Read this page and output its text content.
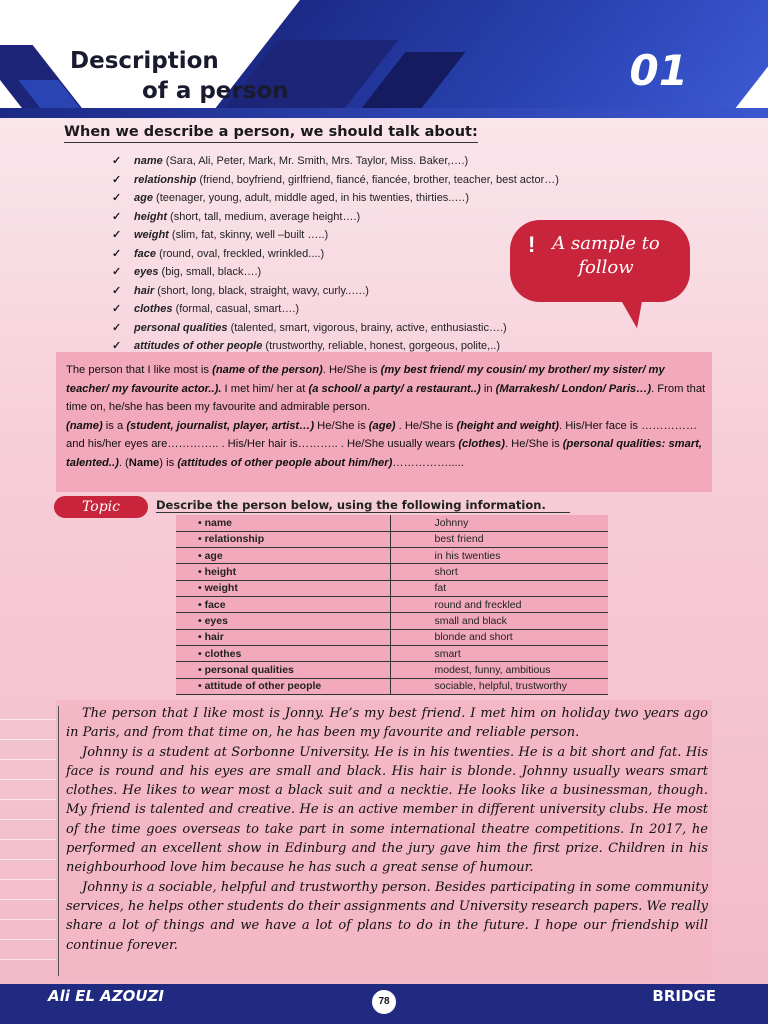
Description
of a person	01
When we describe a person, we should talk about:
✓ name (Sara, Ali, Peter, Mark, Mr. Smith, Mrs. Taylor, Miss. Baker,….)
✓ relationship (friend, boyfriend, girlfriend, fiancé, fiancée, brother, teacher, best actor…)
✓ age (teenager, young, adult, middle aged, in his twenties, thirties..…)
✓ height (short, tall, medium, average height….)
✓ weight (slim, fat, skinny, well –built …..)
✓ face (round, oval, freckled, wrinkled....)
✓ eyes (big, small, black….)
✓ hair (short, long, black, straight, wavy, curly..….)
✓ clothes (formal, casual, smart….)
✓ personal qualities (talented, smart, vigorous, brainy, active, enthusiastic….)
✓ attitudes of other people (trustworthy, reliable, honest, gorgeous, polite,..)
! A sample to
follow
The person that I like most is (name of the person). He/She is (my best friend/ my cousin/ my brother/ my sister/ my teacher/ my favourite actor..). I met him/ her at (a school/ a party/ a restaurant..) in (Marrakesh/ London/ Paris…). From that time on, he/she has been my favourite and admirable person.
(name) is a (student, journalist, player, artist…) He/She is (age) . He/She is (height and weight). His/Her face is ……………and his/her eyes are………….. . His/Her hair is……….. . He/She usually wears (clothes). He/She is (personal qualities: smart, talented..). (Name) is (attitudes of other people about him/her)…………….....
Topic	Describe the person below, using the following information.
• name	Johnny
• relationship	best friend
• age	in his twenties
• height	short
• weight	fat
• face	round and freckled
• eyes	small and black
• hair	blonde and short
• clothes	smart
• personal qualities	modest, funny, ambitious
• attitude of other people	sociable, helpful, trustworthy

The person that I like most is Jonny. He’s my best friend. I met him on holiday two years ago in Paris, and from that time on, he has been my favourite and reliable person.

Johnny is a student at Sorbonne University. He is in his twenties. He is a bit short and fat. His face is round and his eyes are small and black. His hair is blonde. Johnny usually wears smart clothes. He likes to wear most a black suit and a necktie. He looks like a businessman, though. My friend is talented and creative. He is an active member in different university clubs. He most of the time goes overseas to take part in some international theatre competitions. In 2017, he performed an excellent show in Edinburg and the jury gave him the first prize. Children in his neighbourhood love him because he has such a great sense of humour.

Johnny is a sociable, helpful and trustworthy person. Besides participating in some community services, he helps other students do their assignments and University research papers. We really share a lot of things and we have a lot of plans to do in the future. I hope our friendship will continue forever.

Ali EL AZOUZI	BRIDGE
78
